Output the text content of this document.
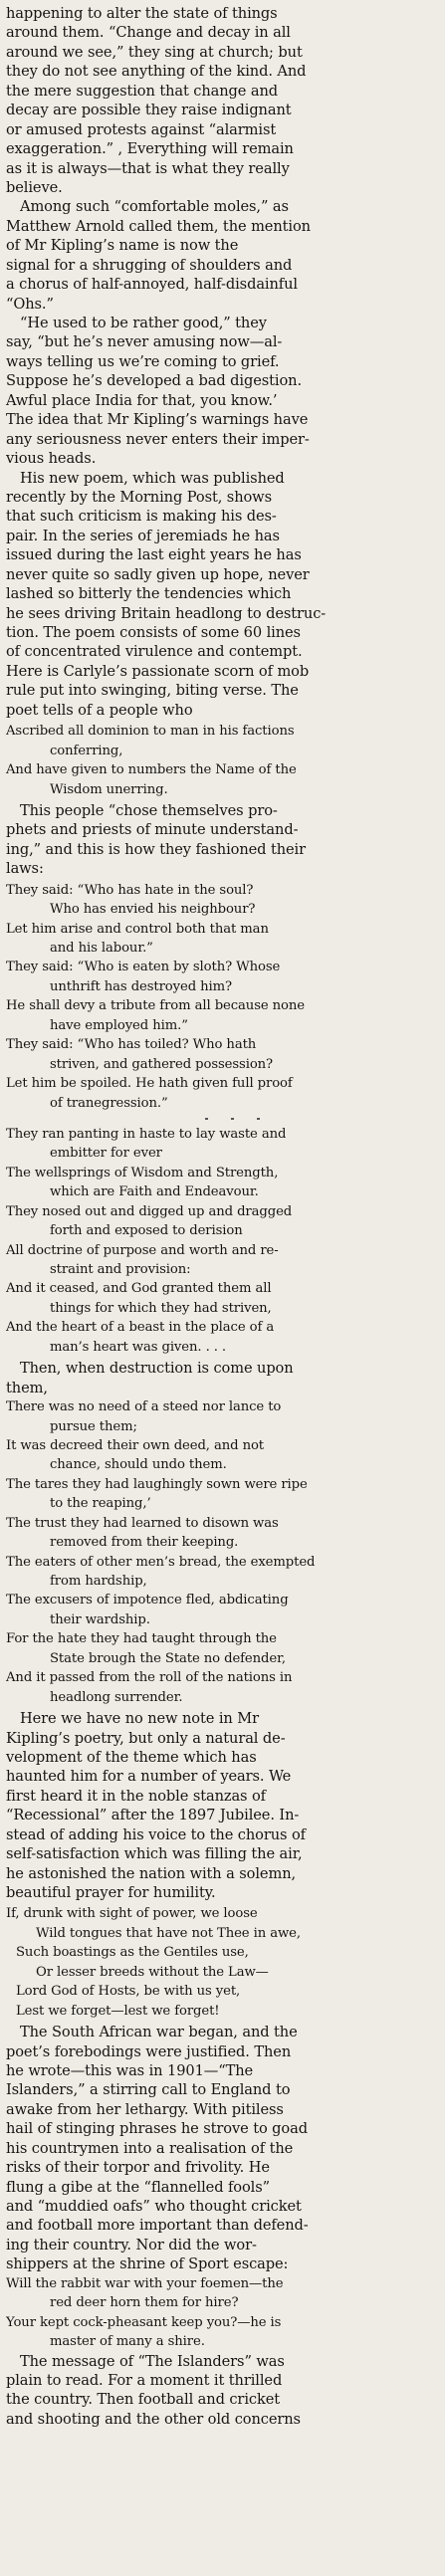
happening to alter the state of things
around them. “Change and decay in all
around we see,” they sing at church; but
they do not see anything of the kind. And
the mere suggestion that change and
decay are possible they raise indignant
or amused protests against “alarmist
exaggeration.” , Everything will remain
as it is always—that is what they really
believe.
Among such “comfortable moles,” as
Matthew Arnold called them, the mention
of Mr Kipling’s name is now the
signal for a shrugging of shoulders and
a chorus of half-annoyed, half-disdainful
“Ohs.”
“He used to be rather good,” they
say, “but he’s never amusing now—al-
ways telling us we’re coming to grief.
Suppose he’s developed a bad digestion.
Awful place India for that, you know.’
The idea that Mr Kipling’s warnings have
any seriousness never enters their imper-
vious heads.
His new poem, which was published
recently by the Morning Post, shows
that such criticism is making his des-
pair. In the series of jeremiads he has
issued during the last eight years he has
never quite so sadly given up hope, never
lashed so bitterly the tendencies which
he sees driving Britain headlong to destruc-
tion. The poem consists of some 60 lines
of concentrated virulence and contempt.
Here is Carlyle’s passionate scorn of mob
rule put into swinging, biting verse. The
poet tells of a people who
Ascribed all dominion to man in his factions
conferring,
And have given to numbers the Name of the
Wisdom unerring.
This people “chose themselves pro-
phets and priests of minute understand-
ing,” and this is how they fashioned their
laws:
They said: “Who has hate in the soul?
Who has envied his neighbour?
Let him arise and control both that man
and his labour.”
They said: “Who is eaten by sloth? Whose
unthrift has destroyed him?
He shall devy a tribute from all because none
have employed him.”
They said: “Who has toiled? Who hath
striven, and gathered possession?
Let him be spoiled. He hath given full proof
of tranegression.”
They ran panting in haste to lay waste and
embitter for ever
The wellsprings of Wisdom and Strength,
which are Faith and Endeavour.
They nosed out and digged up and dragged
forth and exposed to derision
All doctrine of purpose and worth and re-
straint and provision:
And it ceased, and God granted them all
things for which they had striven,
And the heart of a beast in the place of a
man’s heart was given. . . .
Then, when destruction is come upon
them,
There was no need of a steed nor lance to
pursue them;
It was decreed their own deed, and not
chance, should undo them.
The tares they had laughingly sown were ripe
to the reaping,’
The trust they had learned to disown was
removed from their keeping.
The eaters of other men’s bread, the exempted
from hardship,
The excusers of impotence fled, abdicating
their wardship.
For the hate they had taught through the
State brough the State no defender,
And it passed from the roll of the nations in
headlong surrender.
Here we have no new note in Mr
Kipling’s poetry, but only a natural de-
velopment of the theme which has
haunted him for a number of years. We
first heard it in the noble stanzas of
“Recessional” after the 1897 Jubilee. In-
stead of adding his voice to the chorus of
self-satisfaction which was filling the air,
he astonished the nation with a solemn,
beautiful prayer for humility.
If, drunk with sight of power, we loose
Wild tongues that have not Thee in awe,
Such boastings as the Gentiles use,
Or lesser breeds without the Law—
Lord God of Hosts, be with us yet,
Lest we forget—lest we forget!
The South African war began, and the
poet’s forebodings were justified. Then
he wrote—this was in 1901—“The
Islanders,” a stirring call to England to
awake from her lethargy. With pitiless
hail of stinging phrases he strove to goad
his countrymen into a realisation of the
risks of their torpor and frivolity. He
flung a gibe at the “flannelled fools”
and “muddied oafs” who thought cricket
and football more important than defend-
ing their country. Nor did the wor-
shippers at the shrine of Sport escape:
Will the rabbit war with your foemen—the
red deer horn them for hire?
Your kept cock-pheasant keep you?—he is
master of many a shire.
The message of “The Islanders” was
plain to read. For a moment it thrilled
the country. Then football and cricket
and shooting and the other old concerns
